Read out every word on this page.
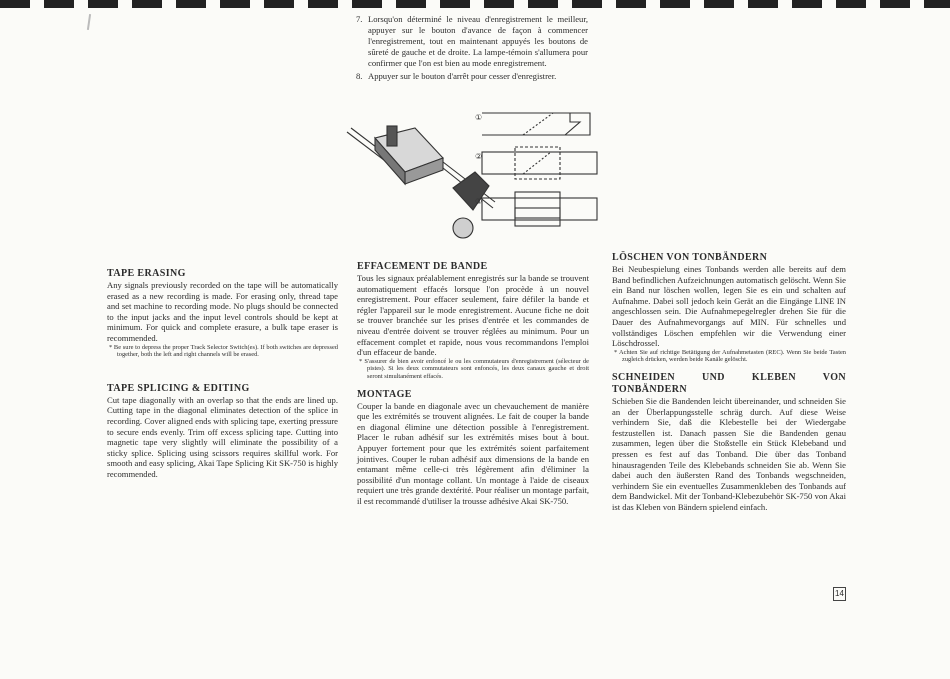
7. Lorsqu'on déterminé le niveau d'enregistrement le meilleur, appuyer sur le bouton d'avance de façon à commencer l'enregistrement, tout en maintenant appuyés les boutons de sûreté de gauche et de droite. La lampe-témoin s'allumera pour confirmer que l'on est bien au mode enregistrement.
8. Appuyer sur le bouton d'arrêt pour cesser d'enregistrer.
①
②
③
TAPE ERASING

Any signals previously recorded on the tape will be automatically erased as a new recording is made. For erasing only, thread tape and set machine to recording mode. No plugs should be connected to the input jacks and the input level controls should be kept at minimum. For quick and complete erasure, a bulk tape eraser is recommended.

* Be sure to depress the proper Track Selector Switch(es). If both switches are depressed together, both the left and right channels will be erased.

TAPE SPLICING & EDITING

Cut tape diagonally with an overlap so that the ends are lined up. Cutting tape in the diagonal eliminates detection of the splice in recording. Cover aligned ends with splicing tape, exerting pressure to secure ends evenly. Trim off excess splicing tape. Cutting into magnetic tape very slightly will eliminate the possibility of a sticky splice. Splicing using scissors requires skillful work. For smooth and easy splicing, Akai Tape Splicing Kit SK-750 is highly recommended.

EFFACEMENT DE BANDE

Tous les signaux préalablement enregistrés sur la bande se trouvent automatiquement effacés lorsque l'on procède à un nouvel enregistrement. Pour effacer seulement, faire défiler la bande et régler l'appareil sur le mode enregistrement. Aucune fiche ne doit se trouver branchée sur les prises d'entrée et les commandes de niveau d'entrée doivent se trouver réglées au minimum. Pour un effacement complet et rapide, nous vous recommandons l'emploi d'un effaceur de bande.

* S'assurer de bien avoir enfoncé le ou les commutateurs d'enregistrement (sélecteur de pistes). Si les deux commutateurs sont enfoncés, les deux canaux gauche et droit seront simultanément effacés.

MONTAGE

Couper la bande en diagonale avec un chevauchement de manière que les extrémités se trouvent alignées. Le fait de couper la bande en diagonal élimine une détection possible à l'enregistrement. Placer le ruban adhésif sur les extrémités mises bout à bout. Appuyer fortement pour que les extrémités soient parfaitement jointives. Couper le ruban adhésif aux dimensions de la bande en entamant même celle-ci très légèrement afin d'éliminer la possibilité d'un montage collant. Un montage à l'aide de ciseaux requiert une très grande dextérité. Pour réaliser un montage parfait, il est recommandé d'utiliser la trousse adhésive Akai SK-750.

LÖSCHEN VON TONBÄNDERN

Bei Neubespielung eines Tonbands werden alle bereits auf dem Band befindlichen Aufzeichnungen automatisch gelöscht. Wenn Sie ein Band nur löschen wollen, legen Sie es ein und schalten auf Aufnahme. Dabei soll jedoch kein Gerät an die Eingänge LINE IN angeschlossen sein. Die Aufnahmepegelregler drehen Sie für die Dauer des Aufnahmevorgangs auf MIN. Für schnelles und vollständiges Löschen empfehlen wir die Verwendung einer Löschdrossel.

* Achten Sie auf richtige Betätigung der Aufnahmetasten (REC). Wenn Sie beide Tasten zugleich drücken, werden beide Kanäle gelöscht.

SCHNEIDEN UND KLEBEN VON TONBÄNDERN

Schieben Sie die Bandenden leicht übereinander, und schneiden Sie an der Überlappungsstelle schräg durch. Auf diese Weise verhindern Sie, daß die Klebestelle bei der Wiedergabe festzustellen ist. Danach passen Sie die Bandenden genau zusammen, legen über die Stoßstelle ein Stück Klebeband und pressen es fest auf das Tonband. Die über das Tonband hinausragenden Teile des Klebebands schneiden Sie ab. Wenn Sie dabei auch den äußersten Rand des Tonbands wegschneiden, verhindern Sie ein eventuelles Zusammenkleben des Tonbands auf dem Bandwickel. Mit der Tonband-Klebezubehör SK-750 von Akai ist das Kleben von Bändern spielend einfach.

14
